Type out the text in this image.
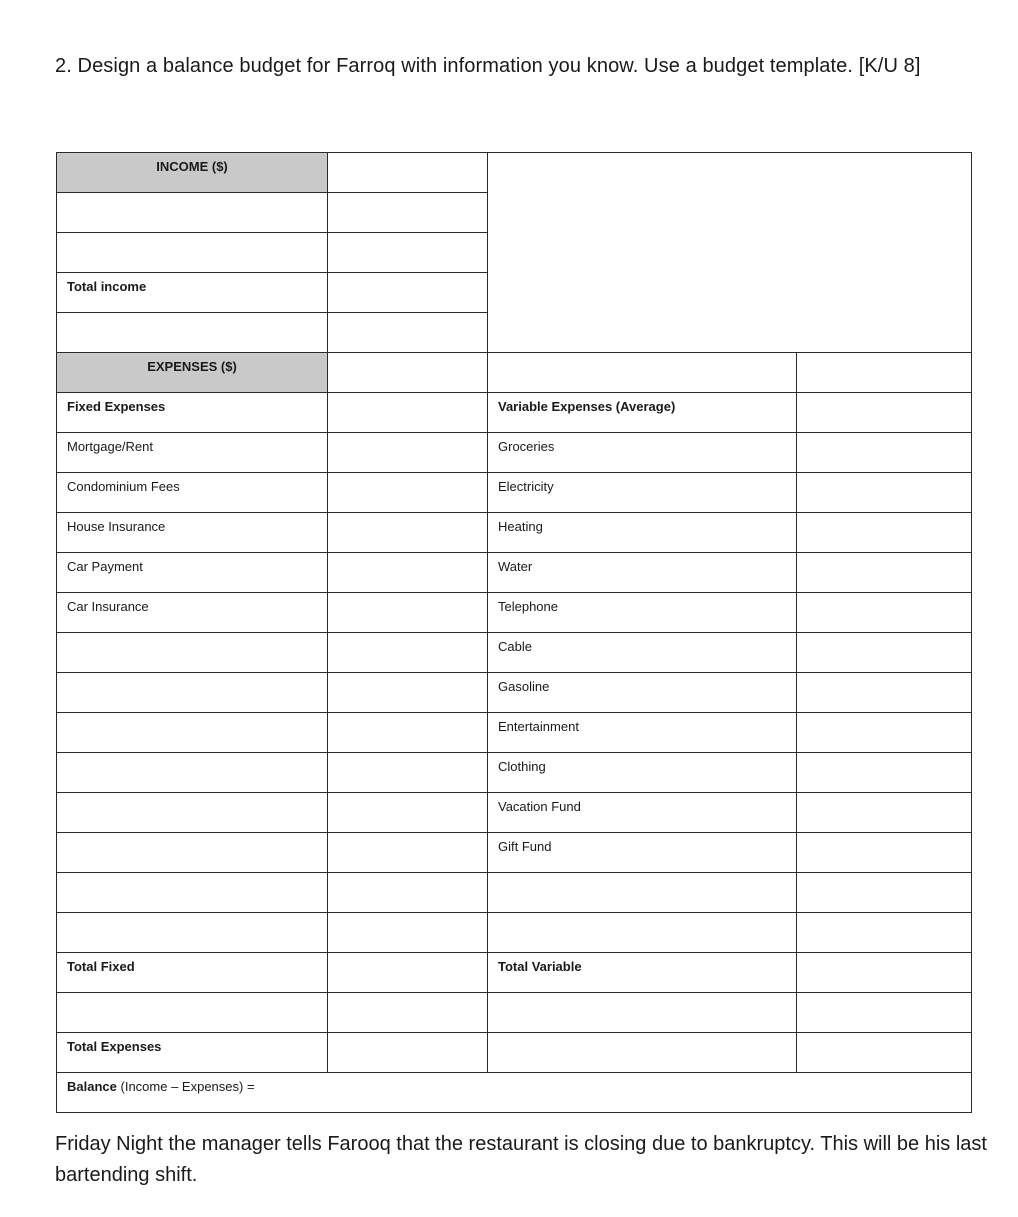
2. Design a balance budget for Farroq with information you know. Use a budget template. [K/U 8]
INCOME ($)			

Total income			

EXPENSES ($)			

Fixed Expenses		Variable Expenses (Average)	

Mortgage/Rent		Groceries	

Condominium Fees		Electricity	

House Insurance		Heating	

Car Payment		Water	

Car Insurance		Telephone	

		Cable	

		Gasoline	

		Entertainment	

		Clothing	

		Vacation Fund	

		Gift Fund	

Total Fixed		Total Variable	

Total Expenses			

Balance (Income – Expenses) =			
Friday Night the manager tells Farooq that the restaurant is closing due to bankruptcy. This will be his last bartending shift.
